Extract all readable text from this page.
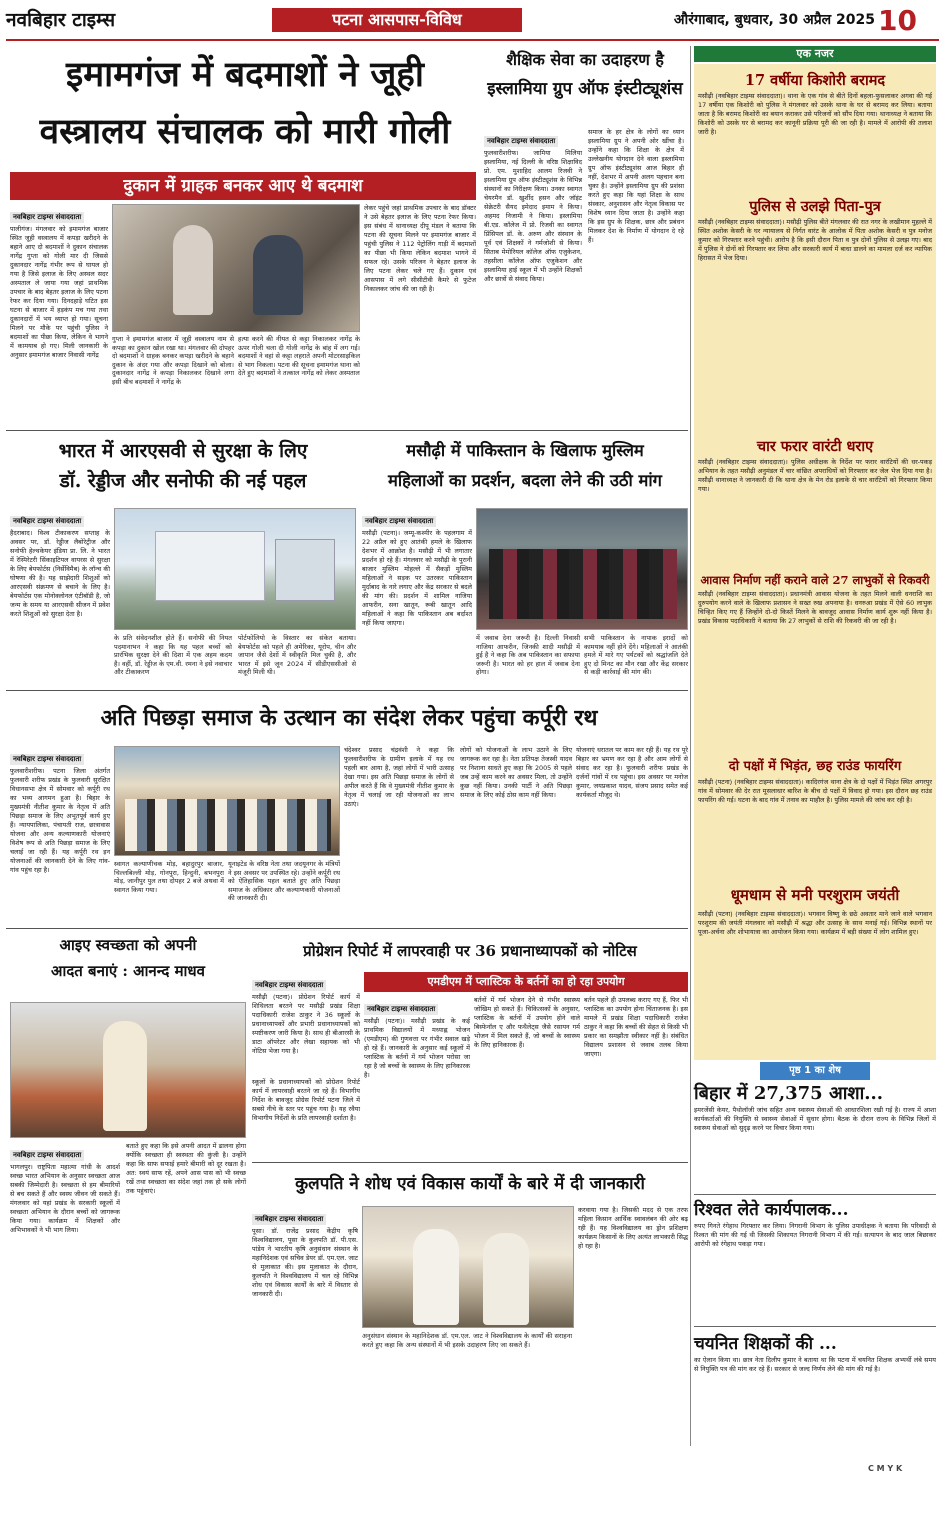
नवबिहार टाइम्स	पटना आसपास-विविध	औरंगाबाद, बुधवार, 30 अप्रैल 2025 10
इमामगंज में बदमाशों ने जूही
वस्त्रालय संचालक को मारी गोली
दुकान में ग्राहक बनकर आए थे बदमाश
नवबिहार टाइम्स संवाददाता
पालीगंज। मंगलवार को इमामगंज बाजार स्थित जूही वस्त्रालय में कपड़ा खरीदने के बहाने आए दो बदमाशों ने दुकान संचालक नागेंद्र गुप्ता को गोली मार दी जिससे दुकानदार नागेंद्र गंभीर रूप से घायल हो गया है जिसे इलाज के लिए अस्थल सदर अस्पताल ले जाया गया जहां प्राथमिक उपचार के बाद बेहतर इलाज के लिए पटना रेफर कर दिया गया। दिनदहाड़े घटित इस घटना से बाजार में हड़कंप मच गया तथा दुकानदारों में भय व्याप्त हो गया। सूचना मिलने पर मौके पर पहुंची पुलिस ने बदमाशों का पीछा किया, लेकिन वे भागने में कामयाब हो गए। मिली जानकारी के अनुसार इमामगंज बाजार निवासी नागेंद्र
लेकर पहुंचे जहां प्राथमिक उपचार के बाद डॉक्टर ने उसे बेहतर इलाज के लिए पटना रेफर किया। इस संबंध में थानाध्यक्ष दीपू मंडल ने बताया कि पटना की सूचना मिलने पर इमामगंज बाजार में पहुंची पुलिस ने 112 पेट्रोलिंग गाड़ी में बदमाशों का पीछा भी किया लेकिन बदमाश भागने में सफल रहे। उसके परिजन ने बेहतर इलाज के लिए पटना लेकर चले गए हैं। दुकान एवं आसपास में लगे सीसीटीवी कैमरे से फुटेज निकालकर जांच की जा रही है।
गुप्ता ने इमामगंज बाजार में जूही वस्त्रालय नाम से कपड़ा का दुकान खोल रखा था। मंगलवार की दोपहर दो बदमाशों ने ग्राहक बनकर कपड़ा खरीदने के बहाने दुकान के अंदर गया और कपड़ा दिखाने को बोला। दुकानदार नागेंद्र ने कपड़ा निकालकर दिखाने लगा इसी बीच बदमाशों ने नागेंद्र के
हत्या करने की नीयत से कट्टा निकालकर नागेंद्र के ऊपर गोली चला दी गोली नागेंद्र के बांह में लग गई। बदमाशों ने वहां से कट्टा लहराते अपनी मोटरसाइकिल से भाग निकला। पटना की सूचना इमामगंज थाना को देते हुए बदमाशों ने तत्काल नागेंद्र को लेकर अस्पताल
शैक्षिक सेवा का उदाहरण है
इस्लामिया ग्रुप ऑफ इंस्टीट्यूशंस
नवबिहार टाइम्स संवाददाता
फुलवारीशरीफ। जामिया मिलिया इस्लामिया, नई दिल्ली के वरिष्ठ शिक्षाविद प्रो. एम. मुशाहिद आलम रिजवी ने इस्लामिया ग्रुप ऑफ इंस्टीट्यूशंस के विभिन्न संस्थानों का निरीक्षण किया। उनका स्वागत चेयरमैन डॉ. खुर्शीद हसन और जॉइंट सेक्रेटरी सैयद इमेदाद इमाम ने किया। अहमद निजामी ने किया। इस्लामिया बी.एड. कॉलेज में प्रो. रिजवी का स्वागत प्रिंसिपल डॉ. के. अरुण और संस्थान के पूर्व एवं शिक्षकों ने गर्मजोशी से किया। सिताब मेमोरियल कॉलेज ऑफ एजुकेशन, तहसीला कॉलेज ऑफ एजुकेशन और इस्लामिया हाई स्कूल में भी उन्होंने शिक्षकों और छात्रों से संवाद किया।
समाज के हर क्षेत्र के लोगों का ध्यान इस्लामिया ग्रुप ने अपनी ओर खींचा है। उन्होंने कहा कि शिक्षा के क्षेत्र में उल्लेखनीय योगदान देने वाला इस्लामिया ग्रुप ऑफ इंस्टीट्यूशंस आज बिहार ही नहीं, देशभर में अपनी अलग पहचान बना चुका है। उन्होंने इस्लामिया ग्रुप की प्रशंसा करते हुए कहा कि यहां शिक्षा के साथ संस्कार, अनुशासन और नेतृत्व विकास पर विशेष ध्यान दिया जाता है। उन्होंने कहा कि इस ग्रुप के शिक्षक, छात्र और प्रबंधन मिलकर देश के निर्माण में योगदान दे रहे हैं।
एक नजर
17 वर्षीया किशोरी बरामद
मसौढ़ी (नवबिहार टाइम्स संवाददाता)। थाना के एक गांव से बीते दिनों बहला-फुसलाकर अगवा की गई 17 वर्षीया एक किशोरी को पुलिस ने मंगलवार को उसके थाना के घर से बरामद कर लिया। बताया जाता है कि बरामद किशोरी का बयान कराकर उसे परिजनों को सौंप दिया गया। थानाध्यक्ष ने बताया कि किशोरी को उसके घर से बरामद कर कानूनी प्रक्रिया पूरी की जा रही है। मामले में आरोपी की तलाश जारी है।
पुलिस से उलझे पिता-पुत्र
मसौढ़ी (नवबिहार टाइम्स संवाददाता)। मसौढ़ी पुलिस बीते मंगलवार की रात नगर के लखीमान मुहल्ले में स्थित अशोक केसरी के घर न्यायालय से निर्गत वारंट के आलोक में पिता अशोक केसरी व पुत्र मनोज कुमार को गिरफ्तार करने पहुंची। आरोप है कि इसी दौरान पिता व पुत्र दोनों पुलिस से उलझ गए। बाद में पुलिस ने दोनों को गिरफ्तार कर लिया और सरकारी कार्य में बाधा डालने का मामला दर्ज कर न्यायिक हिरासत में भेज दिया।
चार फरार वारंटी धराए
मसौढ़ी (नवबिहार टाइम्स संवाददाता)। पुलिस अधीक्षक के निर्देश पर फरार वारंटियों की धर-पकड़ अभियान के तहत मसौढ़ी अनुमंडल में चार वांछित अपराधियों को गिरफ्तार कर जेल भेज दिया गया है। मसौढ़ी थानाध्यक्ष ने जानकारी दी कि थाना क्षेत्र के मेन रोड इलाके से चार वारंटियों को गिरफ्तार किया गया।
आवास निर्माण नहीं कराने वाले 27 लाभुकों से रिकवरी
मसौढ़ी (नवबिहार टाइम्स संवाददाता)। प्रधानमंत्री आवास योजना के तहत मिलने वाली धनराशि का दुरुपयोग करने वाले के खिलाफ प्रशासन ने सख्त रुख अपनाया है। धनरुआ प्रखंड में ऐसे 60 लाभुक चिन्हित किए गए हैं जिन्होंने दो-दो किस्तें मिलने के बावजूद आवास निर्माण कार्य शुरू नहीं किया है। प्रखंड विकास पदाधिकारी ने बताया कि 27 लाभुकों से राशि की रिकवरी की जा रही है।
दो पक्षों में भिड़ंत, छह राउंड फायरिंग
मसौढ़ी (पटना) (नवबिहार टाइम्स संवाददाता)। कादिरगंज थाना क्षेत्र के दो पक्षों में भिड़ंत स्थित अगरपुर गांव में सोमवार की देर रात मूसलाधार बारिश के बीच दो पक्षों में विवाद हो गया। इस दौरान छह राउंड फायरिंग की गई। घटना के बाद गांव में तनाव का माहौल है। पुलिस मामले की जांच कर रही है।
धूमधाम से मनी परशुराम जयंती
मसौढ़ी (पटना) (नवबिहार टाइम्स संवाददाता)। भगवान विष्णु के छठे अवतार माने जाने वाले भगवान परशुराम की जयंती मंगलवार को मसौढ़ी में श्रद्धा और उत्साह के साथ मनाई गई। विभिन्न स्थानों पर पूजा-अर्चना और शोभायात्रा का आयोजन किया गया। कार्यक्रम में बड़ी संख्या में लोग शामिल हुए।
पृष्ठ 1 का शेष
बिहार में 27,375 आशा...
इमरजेंसी केयर, पैथोलॉजी जांच सहित अन्य स्वास्थ्य सेवाओं की आधारशिला रखी गई है। राज्य में आशा कार्यकर्ताओं की नियुक्ति से स्वास्थ्य सेवाओं में सुधार होगा। बैठक के दौरान राज्य के विभिन्न जिलों में स्वास्थ्य सेवाओं को सुदृढ़ करने पर विचार किया गया।
रिश्वत लेते कार्यपालक...
रुपए गिनते रंगेहाथ गिरफ्तार कर लिया। निगरानी विभाग के पुलिस उपाधीक्षक ने बताया कि परिवादी से रिश्वत की मांग की गई थी जिसकी शिकायत निगरानी विभाग में की गई। सत्यापन के बाद जाल बिछाकर आरोपी को रंगेहाथ पकड़ा गया।
चयनित शिक्षकों की ...
का ऐलान किया था। छात्र नेता दिलीप कुमार ने बताया था कि पटना में चयनित शिक्षक अभ्यर्थी लंबे समय से नियुक्ति पत्र की मांग कर रहे हैं। सरकार से जल्द निर्णय लेने की मांग की गई है।
भारत में आरएसवी से सुरक्षा के लिए
डॉ. रेड्डीज और सनोफी की नई पहल
नवबिहार टाइम्स संवाददाता
हैदराबाद। विश्व टीकाकरण सप्ताह के अवसर पर, डॉ. रेड्डीज लैबोरेट्रीज और सनोफी हेल्थकेयर इंडिया प्रा. लि. ने भारत में रेस्पिरेटरी सिंकाइटियल वायरस से सुरक्षा के लिए बेयफोर्टस (निर्सेविमैब) के लॉन्च की घोषणा की है। यह साझेदारी शिशुओं को आरएसवी संक्रमण से बचाने के लिए है। बेयफोर्टस एक मोनोक्लोनल एंटीबॉडी है, जो जन्म के समय या आरएसवी सीजन में प्रवेश करते शिशुओं को सुरक्षा देता है।
के प्रति संवेदनशील होते हैं। सनोफी की नियत पदमानाभन ने कहा कि यह पहल बच्चों को प्रारंभिक सुरक्षा देने की दिशा में एक अहम कदम है। वहीं, डॉ. रेड्डीज के एम.वी. रमना ने इसे नवाचार और टीकाकरण
पोर्टफोलियो के विस्तार का संकेत बताया। बेयफोर्टस को पहले ही अमेरिका, यूरोप, चीन और जापान जैसे देशों में स्वीकृति मिल चुकी है, और भारत में इसे जून 2024 में सीडीएससीओ से मंजूरी मिली थी।
मसौढ़ी में पाकिस्तान के खिलाफ मुस्लिम
महिलाओं का प्रदर्शन, बदला लेने की उठी मांग
नवबिहार टाइम्स संवाददाता
मसौढ़ी (पटना)। जम्मू-कश्मीर के पहलगाम में 22 अप्रैल को हुए आतंकी हमले के खिलाफ देशभर में आक्रोश है। मसौढ़ी में भी लगातार प्रदर्शन हो रहे हैं। मंगलवार को मसौढ़ी के पुरानी बाजार मुस्लिम मोहल्ले में सैकड़ों मुस्लिम महिलाओं ने सड़क पर उतरकर पाकिस्तान मुर्दाबाद के नारे लगाए और केंद्र सरकार से बदले की मांग की। प्रदर्शन में शामिल नाजिया आफरीन, सना खातून, रूबी खातून आदि महिलाओं ने कहा कि पाकिस्तान अब बर्दाश्त नहीं किया जाएगा।
में जवाब देना जरूरी है। दिल्ली निवासी नाजिया आफरीन, जिनकी शादी मसौढ़ी में हुई है ने कहा कि अब पाकिस्तान का सफाया जरूरी है। भारत को हर हाल में जवाब देना होगा।
सभी पाकिस्तान के नापाक इरादों को कामयाब नहीं होने देंगे। महिलाओं ने आतंकी हमले में मारे गए पर्यटकों को श्रद्धांजलि देते हुए दो मिनट का मौन रखा और केंद्र सरकार से कड़ी कार्रवाई की मांग की।
अति पिछड़ा समाज के उत्थान का संदेश लेकर पहुंचा कर्पूरी रथ
नवबिहार टाइम्स संवाददाता
फुलवारीशरीफ। पटना जिला अंतर्गत फुलवारी शरीफ प्रखंड के फुलवारी सुरक्षित विधानसभा क्षेत्र में सोमवार को कर्पूरी रथ का भव्य आगमन हुआ है। बिहार के मुख्यमंत्री नीतीश कुमार के नेतृत्व में अति पिछड़ा समाज के लिए अभूतपूर्व कार्य हुए हैं। न्यायपालिका, पंचायती राज, छात्रावास योजना और अन्य कल्याणकारी योजनाएं विशेष रूप से अति पिछड़ा समाज के लिए चलाई जा रही हैं। यह कर्पूरी रथ इन योजनाओं की जानकारी देने के लिए गांव-गांव पहुंच रहा है।
स्वागत कल्याणीचक मोड़, बहादुरपुर बाजार, चिल्लबिल्ली मोड़, गोनपुरा, हिन्दुनी, बभनपुरा मोड़, जानीपुर पुल तथा दोपहर 2 बजे अथवा में स्वागत किया गया।
यूनाइटेड के वरिष्ठ नेता तथा जदयूनगर के मंत्रियों ने इस अवसर पर उपस्थित रहे। उन्होंने कर्पूरी रथ को ऐतिहासिक पहल बताते हुए अति पिछड़ा समाज के अधिकार और कल्याणकारी योजनाओं की जानकारी दी।
चंदेश्वर प्रसाद चंद्रवंशी ने कहा कि फुलवारीशरीफ के ग्रामीण इलाके में यह रथ पहली बार आया है, जहां लोगों में भारी उत्साह देखा गया। इस अति पिछड़ा समाज के लोगों से अपील करते हैं कि वे मुख्यमंत्री नीतीश कुमार के नेतृत्व में चलाई जा रही योजनाओं का लाभ उठाएं।
लोगों को योजनाओं के लाभ उठाने के लिए जागरूक कर रहा है। नेता प्रतिपक्ष तेजस्वी यादव पर निशाना साधते हुए कहा कि 2005 से पहले जब उन्हें काम करने का अवसर मिला, तो उन्होंने कुछ नहीं किया। उनकी पार्टी ने अति पिछड़ा समाज के लिए कोई ठोस काम नहीं किया।
योजनाएं धरातल पर काम कर रही हैं। यह रथ पूरे बिहार का भ्रमण कर रहा है और आम लोगों से संवाद कर रहा है। फुलवारी शरीफ प्रखंड के दर्जनों गांवों में रथ पहुंचा। इस अवसर पर मनोज कुमार, जयप्रकाश यादव, संजय प्रसाद समेत कई कार्यकर्ता मौजूद थे।
आइए स्वच्छता को अपनी
आदत बनाएं : आनन्द माधव
नवबिहार टाइम्स संवाददाता
भागलपुर। राष्ट्रपिता महात्मा गांधी के आदर्श स्वच्छ भारत अभियान के अनुसार स्वच्छता आज सबकी जिम्मेदारी है। स्वच्छता से हम बीमारियों से बच सकते हैं और स्वस्थ जीवन जी सकते हैं। मंगलवार को यहां प्रखंड के सरकारी स्कूलों में स्वच्छता अभियान के दौरान बच्चों को जागरूक किया गया। कार्यक्रम में शिक्षकों और अभिभावकों ने भी भाग लिया।
बताते हुए कहा कि इसे अपनी आदत में ढालना होगा क्योंकि स्वच्छता ही स्वस्थता की कुंजी है। उन्होंने कहा कि साफ सफाई हमारे बीमारी को दूर रखता है। अत: स्वयं साफ रहें, अपने आस पास को भी स्वच्छ रखें तथा स्वच्छता का संदेश जहां तक हो सके लोगों तक पहुंचाएं।
प्रोग्रेशन रिपोर्ट में लापरवाही पर 36 प्रधानाध्यापकों को नोटिस
नवबिहार टाइम्स संवाददाता
मसौढ़ी (पटना)। प्रोग्रेशन रिपोर्ट कार्य में शिथिलता बरतने पर मसौढ़ी प्रखंड शिक्षा पदाधिकारी राजेश ठाकुर ने 36 स्कूलों के प्रधानाध्यापकों और प्रभारी प्रधानाध्यापकों को स्पष्टीकरण जारी किया है। साथ ही बीआरसी के डाटा ऑपरेटर और लेखा सहायक को भी नोटिस भेजा गया है।
स्कूलों के प्रधानाध्यापकों को प्रोग्रेशन रिपोर्ट कार्य में लापरवाही बरतने जा रहे हैं। विभागीय निर्देश के बावजूद प्रोग्रेस रिपोर्ट पटना जिले में सबसे नीचे के स्तर पर पहुंच गया है। यह रवैया विभागीय निर्देशों के प्रति लापरवाही दर्शाता है।
एमडीएम में प्लास्टिक के बर्तनों का हो रहा उपयोग
नवबिहार टाइम्स संवाददाता
मसौढ़ी (पटना)। मसौढ़ी प्रखंड के कई प्राथमिक विद्यालयों में मध्याह्न भोजन (एमडीएम) की गुणवत्ता पर गंभीर सवाल खड़े हो रहे हैं। जानकारी के अनुसार कई स्कूलों में प्लास्टिक के बर्तनों में गर्म भोजन परोसा जा रहा है जो बच्चों के स्वास्थ्य के लिए हानिकारक है।
बर्तनों में गर्म भोजन देने से गंभीर स्वास्थ्य जोखिम हो सकते हैं। चिकित्सकों के अनुसार, प्लास्टिक के बर्तनों में उपयोग होने वाले बिस्फेनॉल ए और फथैलेट्स जैसे रसायन गर्म भोजन में मिल सकते हैं, जो बच्चों के स्वास्थ्य के लिए हानिकारक हैं।
बर्तन पहले ही उपलब्ध कराए गए हैं, फिर भी प्लास्टिक का उपयोग होना चिंताजनक है। इस मामले में प्रखंड शिक्षा पदाधिकारी राजेश ठाकुर ने कहा कि बच्चों की सेहत से किसी भी प्रकार का समझौता स्वीकार नहीं है। संबंधित विद्यालय प्रशासन से जवाब तलब किया जाएगा।
कुलपति ने शोध एवं विकास कार्यों के बारे में दी जानकारी
नवबिहार टाइम्स संवाददाता
पूसा। डॉ. राजेंद्र प्रसाद केंद्रीय कृषि विश्वविद्यालय, पूसा के कुलपति डॉ. पी.एस. पांडेय ने भारतीय कृषि अनुसंधान संस्थान के महानिदेशक एवं सचिव डेयर डॉ. एम.एल. जाट से मुलाकात की। इस मुलाकात के दौरान, कुलपति ने विश्वविद्यालय में चल रहे विभिन्न शोध एवं विकास कार्यों के बारे में विस्तार से जानकारी दी।
अनुसंधान संस्थान के महानिदेशक डॉ. एम.एल. जाट ने विश्वविद्यालय के कार्यों की सराहना करते हुए कहा कि अन्य संस्थानों में भी इसके उदाहरण लिए जा सकते हैं।
करवाया गया है। जिसकी मदद से एक तरफ महिला किसान आर्थिक स्वावलंबन की ओर बढ़ रही हैं। यह विश्वविद्यालय का ड्रोन प्रशिक्षण कार्यक्रम किसानों के लिए अत्यंत लाभकारी सिद्ध हो रहा है।
C M Y K
